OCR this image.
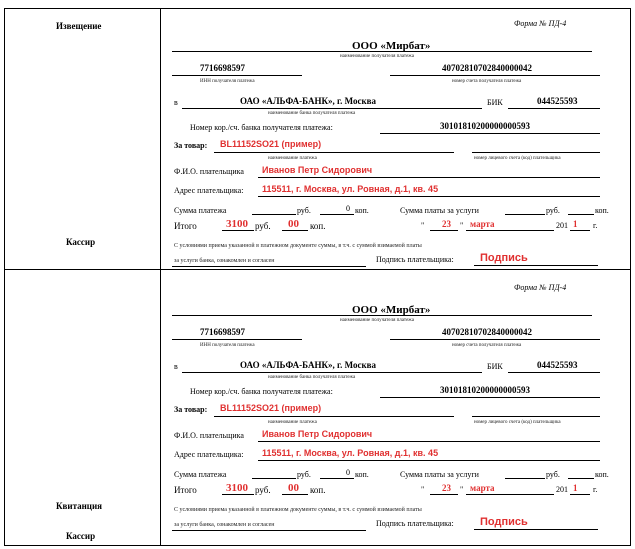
Извещение
Кассир
Форма № ПД-4
ООО «Мирбат»
наименование получателя платежа
7716698597
ИНН получателя платежа
40702810702840000042
номер счета получателя платежа
в	ОАО «АЛЬФА-БАНК», г. Москва	БИК	044525593
наименование банка получателя платежа
Номер кор./сч. банка получателя платежа:	30101810200000000593
За товар: BL11152SO21 (пример)
наименование платежа	номер лицевого счета (код) плательщика
Ф.И.О. плательщика Иванов Петр Сидорович
Адрес плательщика: 115511, г. Москва, ул. Ровная, д.1, кв. 45
Сумма платежа	руб.	0 коп.	Сумма платы за услуги	руб.	коп.
Итого	3100 руб. 00 коп.	" 23 " марта	201 1 г.
С условиями приема указанной в платежном документе суммы, в т.ч. с суммой взимаемой платы
за услуги банка, ознакомлен и согласен	Подпись плательщика: Подпись
Квитанция
Кассир
Форма № ПД-4
ООО «Мирбат»
наименование получателя платежа
7716698597
ИНН получателя платежа
40702810702840000042
номер счета получателя платежа
в	ОАО «АЛЬФА-БАНК», г. Москва	БИК	044525593
наименование банка получателя платежа
Номер кор./сч. банка получателя платежа:	30101810200000000593
За товар: BL11152SO21 (пример)
наименование платежа	номер лицевого счета (код) плательщика
Ф.И.О. плательщика Иванов Петр Сидорович
Адрес плательщика: 115511, г. Москва, ул. Ровная, д.1, кв. 45
Сумма платежа	руб.	0 коп.	Сумма платы за услуги	руб.	коп.
Итого	3100 руб. 00 коп.	" 23 " марта	201 1 г.
С условиями приема указанной в платежном документе суммы, в т.ч. с суммой взимаемой платы
за услуги банка, ознакомлен и согласен	Подпись плательщика: Подпись
